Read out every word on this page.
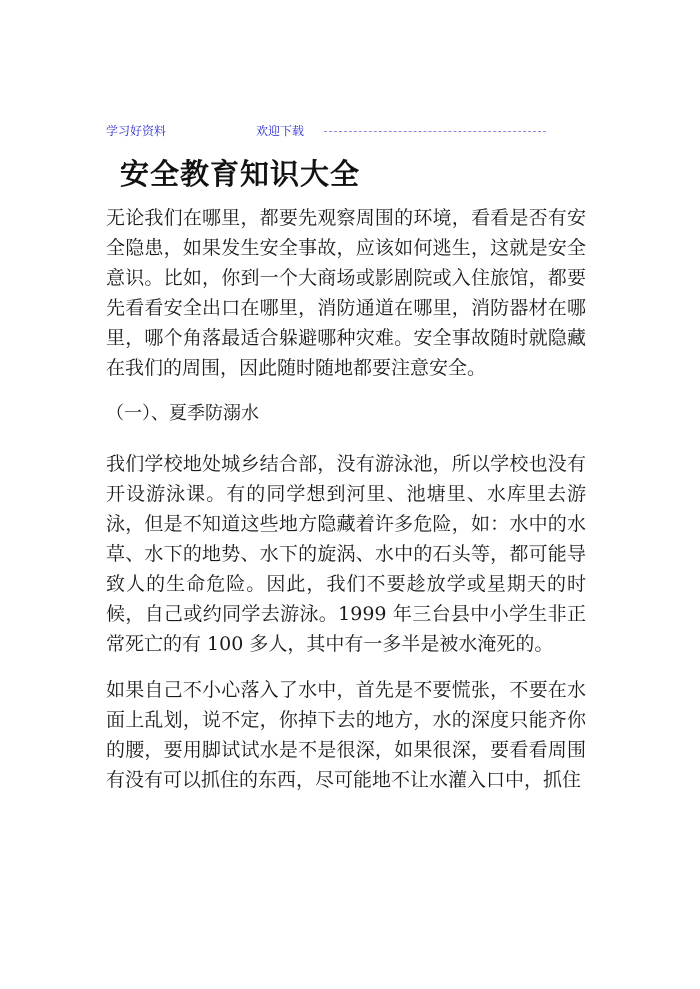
学习好资料	欢迎下载
安全教育知识大全

无论我们在哪里，都要先观察周围的环境，看看是否有安全隐患，如果发生安全事故，应该如何逃生，这就是安全意识。比如，你到一个大商场或影剧院或入住旅馆，都要先看看安全出口在哪里，消防通道在哪里，消防器材在哪里，哪个角落最适合躲避哪种灾难。安全事故随时就隐藏在我们的周围，因此随时随地都要注意安全。

（一）、夏季防溺水

我们学校地处城乡结合部，没有游泳池，所以学校也没有开设游泳课。有的同学想到河里、池塘里、水库里去游泳，但是不知道这些地方隐藏着许多危险，如：水中的水草、水下的地势、水下的旋涡、水中的石头等，都可能导致人的生命危险。因此，我们不要趁放学或星期天的时候，自己或约同学去游泳。1999 年三台县中小学生非正常死亡的有 100 多人，其中有一多半是被水淹死的。

如果自己不小心落入了水中，首先是不要慌张，不要在水面上乱划，说不定，你掉下去的地方，水的深度只能齐你的腰，要用脚试试水是不是很深，如果很深，要看看周围有没有可以抓住的东西，尽可能地不让水灌入口中，抓住
